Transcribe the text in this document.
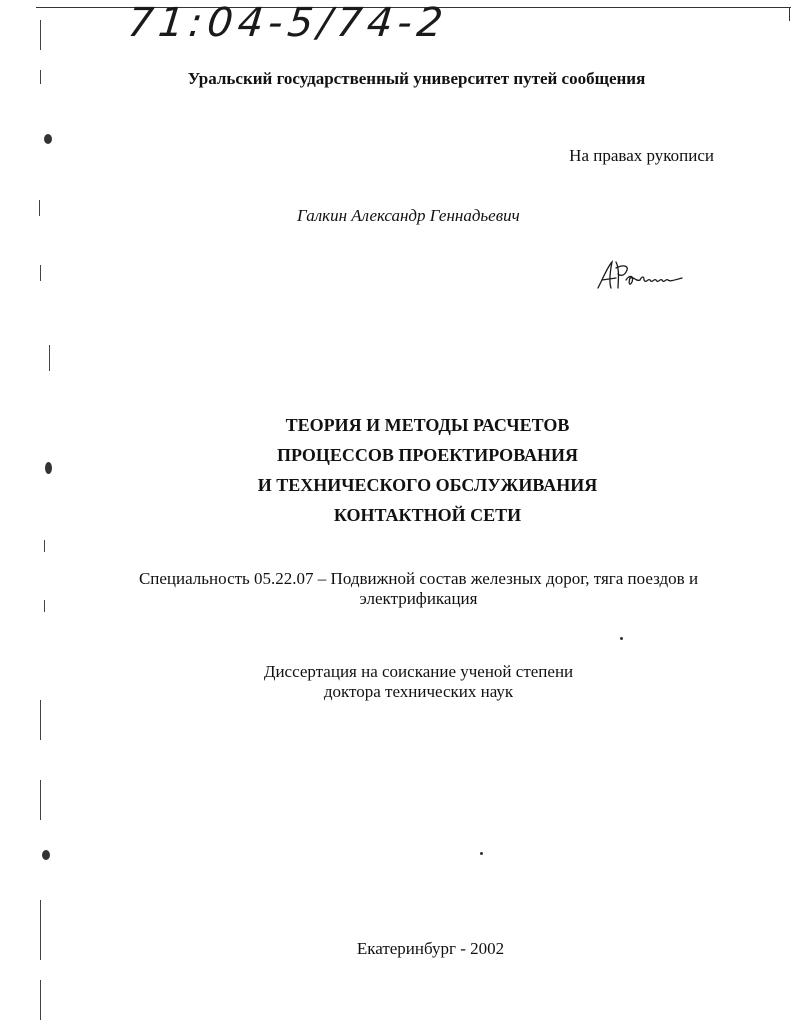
71:04-5/74-2
Уральский государственный университет путей сообщения
На правах рукописи
Галкин Александр Геннадьевич
ТЕОРИЯ И МЕТОДЫ РАСЧЕТОВ
ПРОЦЕССОВ ПРОЕКТИРОВАНИЯ
И ТЕХНИЧЕСКОГО ОБСЛУЖИВАНИЯ
КОНТАКТНОЙ СЕТИ
Специальность 05.22.07 – Подвижной состав железных дорог, тяга поездов и
электрификация
Диссертация на соискание ученой степени
доктора технических наук
Екатеринбург - 2002
